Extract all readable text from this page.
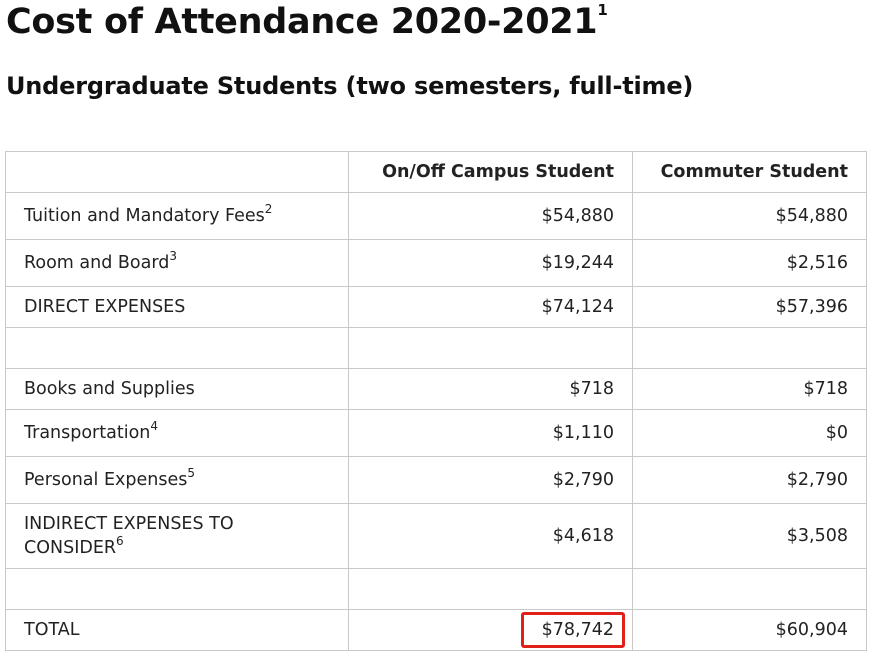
Cost of Attendance 2020-2021$^1$
Undergraduate Students (two semesters, full-time)
	On/Off Campus Student	Commuter Student
Tuition and Mandatory Fees$^2$	$54,880	$54,880
Room and Board$^3$	$19,244	$2,516
DIRECT EXPENSES	$74,124	$57,396

Books and Supplies	$718	$718
Transportation$^4$	$1,110	$0
Personal Expenses$^5$	$2,790	$2,790
INDIRECT EXPENSES TO CONSIDER$^6$	$4,618	$3,508

TOTAL	$78,742	$60,904
